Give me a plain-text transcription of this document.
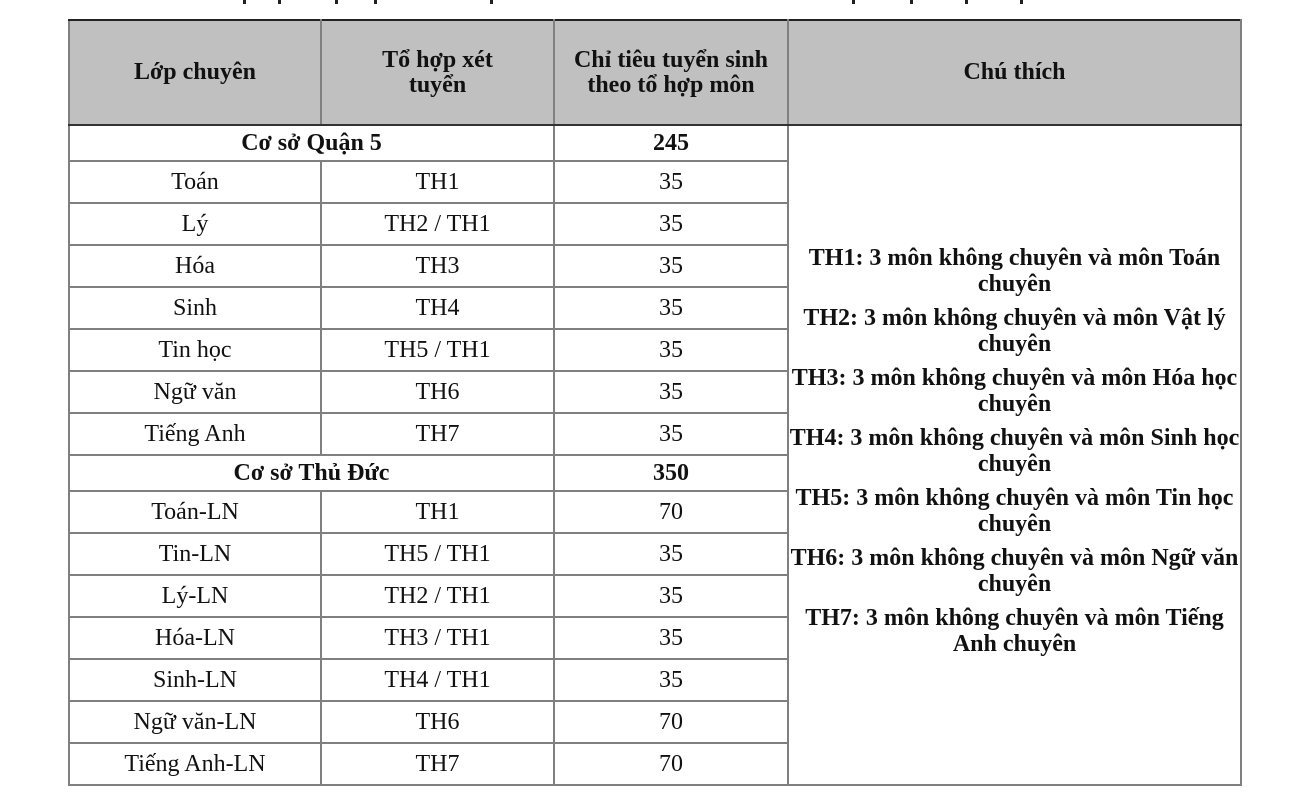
Lớp chuyên	Tổ hợp xét tuyển	Chỉ tiêu tuyển sinh theo tổ hợp môn	Chú thích
Cơ sở Quận 5	245	
TH1: 3 môn không chuyên và môn Toán chuyên
TH2: 3 môn không chuyên và môn Vật lý chuyên
TH3: 3 môn không chuyên và môn Hóa học chuyên
TH4: 3 môn không chuyên và môn Sinh học chuyên
TH5: 3 môn không chuyên và môn Tin học chuyên
TH6: 3 môn không chuyên và môn Ngữ văn chuyên
TH7: 3 môn không chuyên và môn Tiếng Anh chuyên

Toán	TH1	35	
Lý	TH2 / TH1	35	
Hóa	TH3	35	
Sinh	TH4	35	
Tin học	TH5 / TH1	35	
Ngữ văn	TH6	35	
Tiếng Anh	TH7	35	
Cơ sở Thủ Đức		350	
Toán-LN	TH1	70	
Tin-LN	TH5 / TH1	35	
Lý-LN	TH2 / TH1	35	
Hóa-LN	TH3 / TH1	35	
Sinh-LN	TH4 / TH1	35	
Ngữ văn-LN	TH6	70	
Tiếng Anh-LN	TH7	70	
